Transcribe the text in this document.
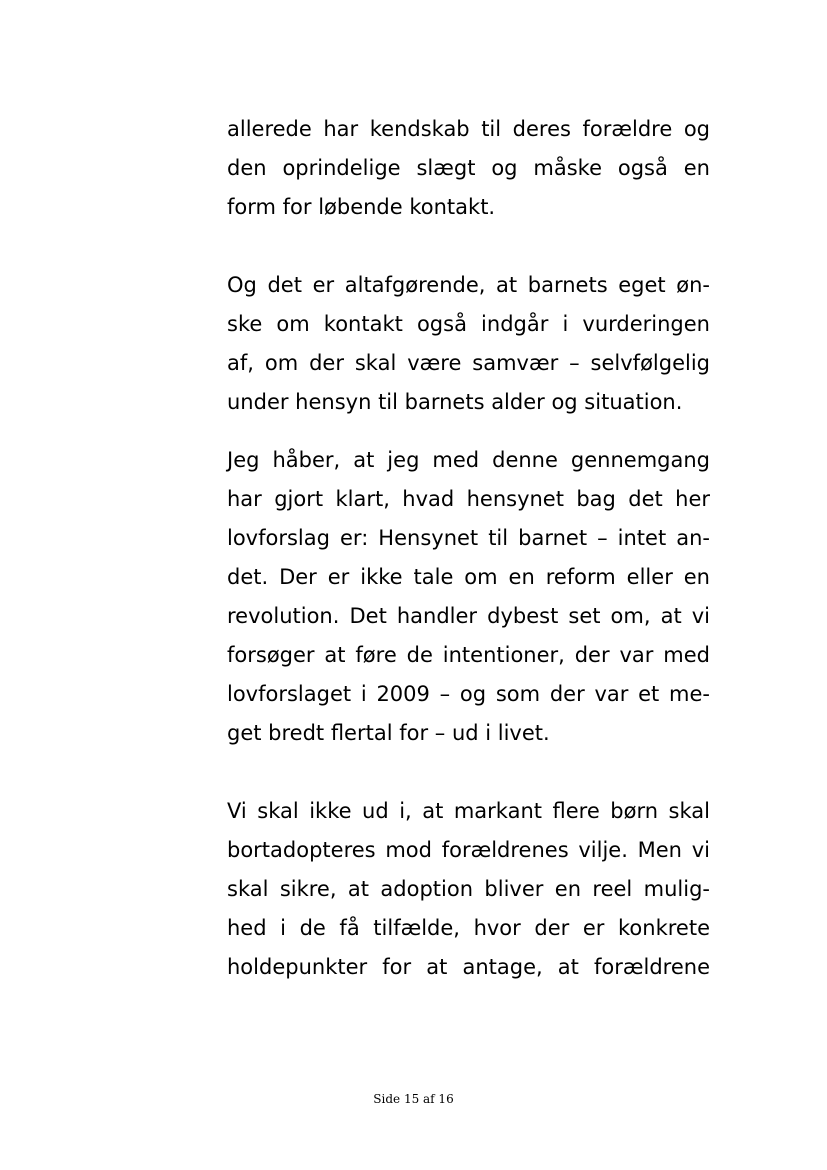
allerede har kendskab til deres forældre og
den oprindelige slægt og måske også en
form for løbende kontakt.
Og det er altafgørende, at barnets eget øn-
ske om kontakt også indgår i vurderingen
af, om der skal være samvær – selvfølgelig
under hensyn til barnets alder og situation.
Jeg håber, at jeg med denne gennemgang
har gjort klart, hvad hensynet bag det her
lovforslag er: Hensynet til barnet – intet an-
det. Der er ikke tale om en reform eller en
revolution. Det handler dybest set om, at vi
forsøger at føre de intentioner, der var med
lovforslaget i 2009 – og som der var et me-
get bredt flertal for – ud i livet.
Vi skal ikke ud i, at markant flere børn skal
bortadopteres mod forældrenes vilje. Men vi
skal sikre, at adoption bliver en reel mulig-
hed i de få tilfælde, hvor der er konkrete
holdepunkter for at antage, at forældrene
Side 15 af 16
